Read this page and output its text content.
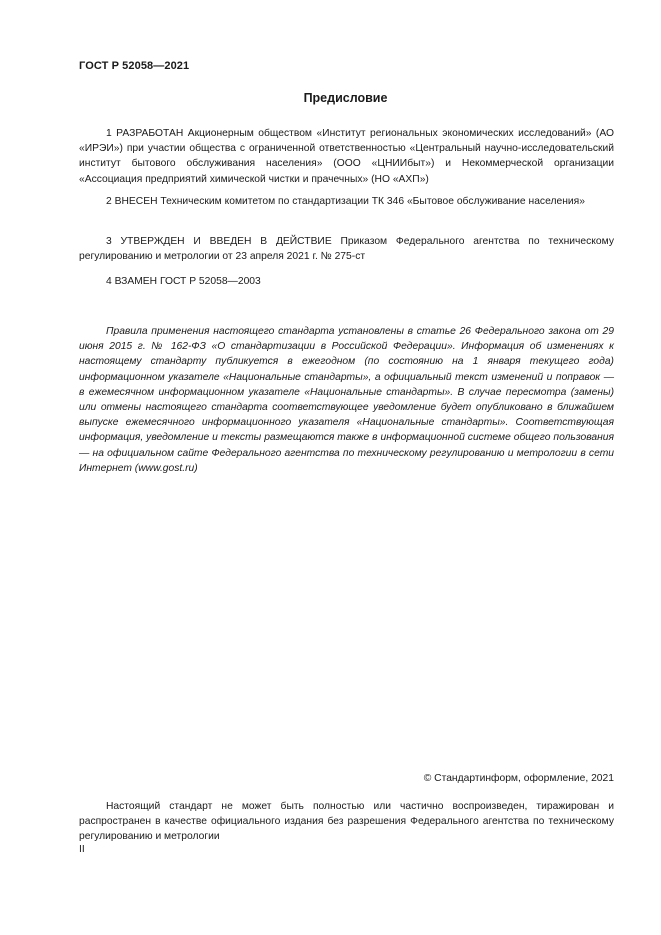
ГОСТ Р 52058—2021
Предисловие

1 РАЗРАБОТАН Акционерным обществом «Институт региональных экономических исследований» (АО «ИРЭИ») при участии общества с ограниченной ответственностью «Центральный научно-исследовательский институт бытового обслуживания населения» (ООО «ЦНИИбыт») и Некоммерческой организации «Ассоциация предприятий химической чистки и прачечных» (НО «АХП»)

2 ВНЕСЕН Техническим комитетом по стандартизации ТК 346 «Бытовое обслуживание населения»

3 УТВЕРЖДЕН И ВВЕДЕН В ДЕЙСТВИЕ Приказом Федерального агентства по техническому регулированию и метрологии от 23 апреля 2021 г. № 275-ст

4 ВЗАМЕН ГОСТ Р 52058—2003

Правила применения настоящего стандарта установлены в статье 26 Федерального закона от 29 июня 2015 г. № 162-ФЗ «О стандартизации в Российской Федерации». Информация об изменениях к настоящему стандарту публикуется в ежегодном (по состоянию на 1 января текущего года) информационном указателе «Национальные стандарты», а официальный текст изменений и поправок — в ежемесячном информационном указателе «Национальные стандарты». В случае пересмотра (замены) или отмены настоящего стандарта соответствующее уведомление будет опубликовано в ближайшем выпуске ежемесячного информационного указателя «Национальные стандарты». Соответствующая информация, уведомление и тексты размещаются также в информационной системе общего пользования — на официальном сайте Федерального агентства по техническому регулированию и метрологии в сети Интернет (www.gost.ru)

© Стандартинформ, оформление, 2021

Настоящий стандарт не может быть полностью или частично воспроизведен, тиражирован и распространен в качестве официального издания без разрешения Федерального агентства по техническому регулированию и метрологии

II
